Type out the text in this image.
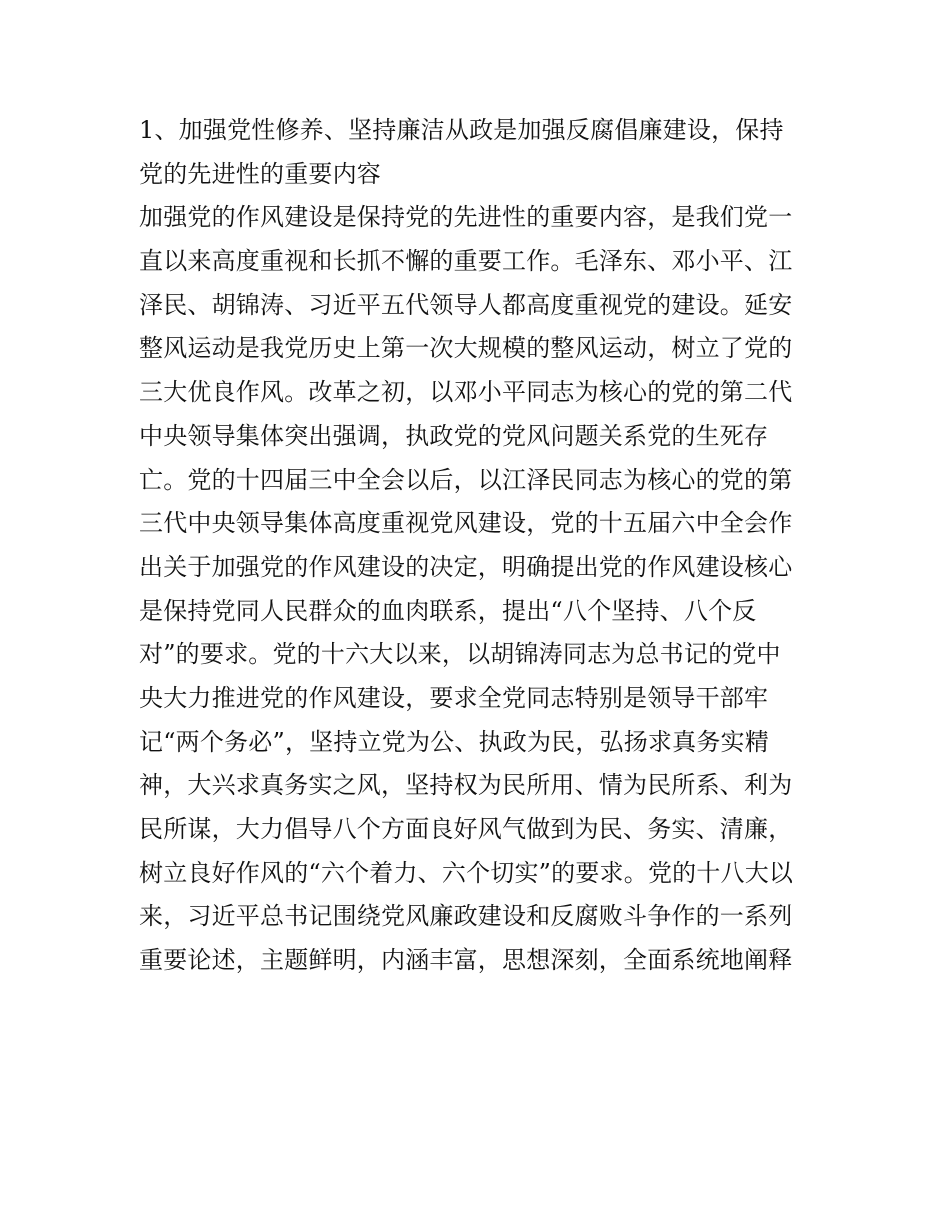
1、加强党性修养、坚持廉洁从政是加强反腐倡廉建设，保持
党的先进性的重要内容
加强党的作风建设是保持党的先进性的重要内容，是我们党一
直以来高度重视和长抓不懈的重要工作。毛泽东、邓小平、江
泽民、胡锦涛、习近平五代领导人都高度重视党的建设。延安
整风运动是我党历史上第一次大规模的整风运动，树立了党的
三大优良作风。改革之初，以邓小平同志为核心的党的第二代
中央领导集体突出强调，执政党的党风问题关系党的生死存
亡。党的十四届三中全会以后，以江泽民同志为核心的党的第
三代中央领导集体高度重视党风建设，党的十五届六中全会作
出关于加强党的作风建设的决定，明确提出党的作风建设核心
是保持党同人民群众的血肉联系，提出“八个坚持、八个反
对”的要求。党的十六大以来，以胡锦涛同志为总书记的党中
央大力推进党的作风建设，要求全党同志特别是领导干部牢
记“两个务必”，坚持立党为公、执政为民，弘扬求真务实精
神，大兴求真务实之风，坚持权为民所用、情为民所系、利为
民所谋，大力倡导八个方面良好风气做到为民、务实、清廉，
树立良好作风的“六个着力、六个切实”的要求。党的十八大以
来，习近平总书记围绕党风廉政建设和反腐败斗争作的一系列
重要论述，主题鲜明，内涵丰富，思想深刻，全面系统地阐释
